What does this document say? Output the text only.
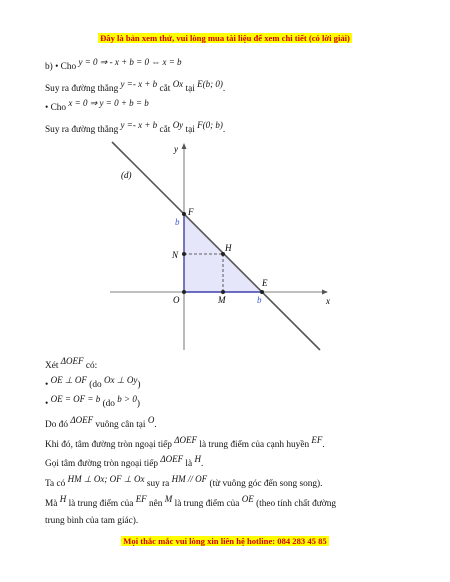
Đây là bản xem thử, vui lòng mua tài liệu để xem chi tiết (có lời giải)
b) • Cho y = 0 ⇒ - x + b = 0 ⇔ x = b
Suy ra đường thẳng y =- x + b cắt Ox tại E(b; 0).
• Cho x = 0 ⇒ y = 0 + b = b
Suy ra đường thẳng y =- x + b cắt Oy tại F(0; b).
(d)
y
x
O
F
b
N
H
E
M	b
Xét ΔOEF có:
• OE ⊥ OF (do Ox ⊥ Oy)
• OE = OF = b (do b > 0)
Do đó ΔOEF vuông cân tại O.
Khi đó, tâm đường tròn ngoại tiếp ΔOEF là trung điểm của cạnh huyền EF.
Gọi tâm đường tròn ngoại tiếp ΔOEF là H.
Ta có HM ⊥ Ox; OF ⊥ Ox suy ra HM // OF (từ vuông góc đến song song).
Mà H là trung điểm của EF nên M là trung điểm của OE (theo tính chất đường
trung bình của tam giác).
Mọi thắc mắc vui lòng xin liên hệ hotline: 084 283 45 85
